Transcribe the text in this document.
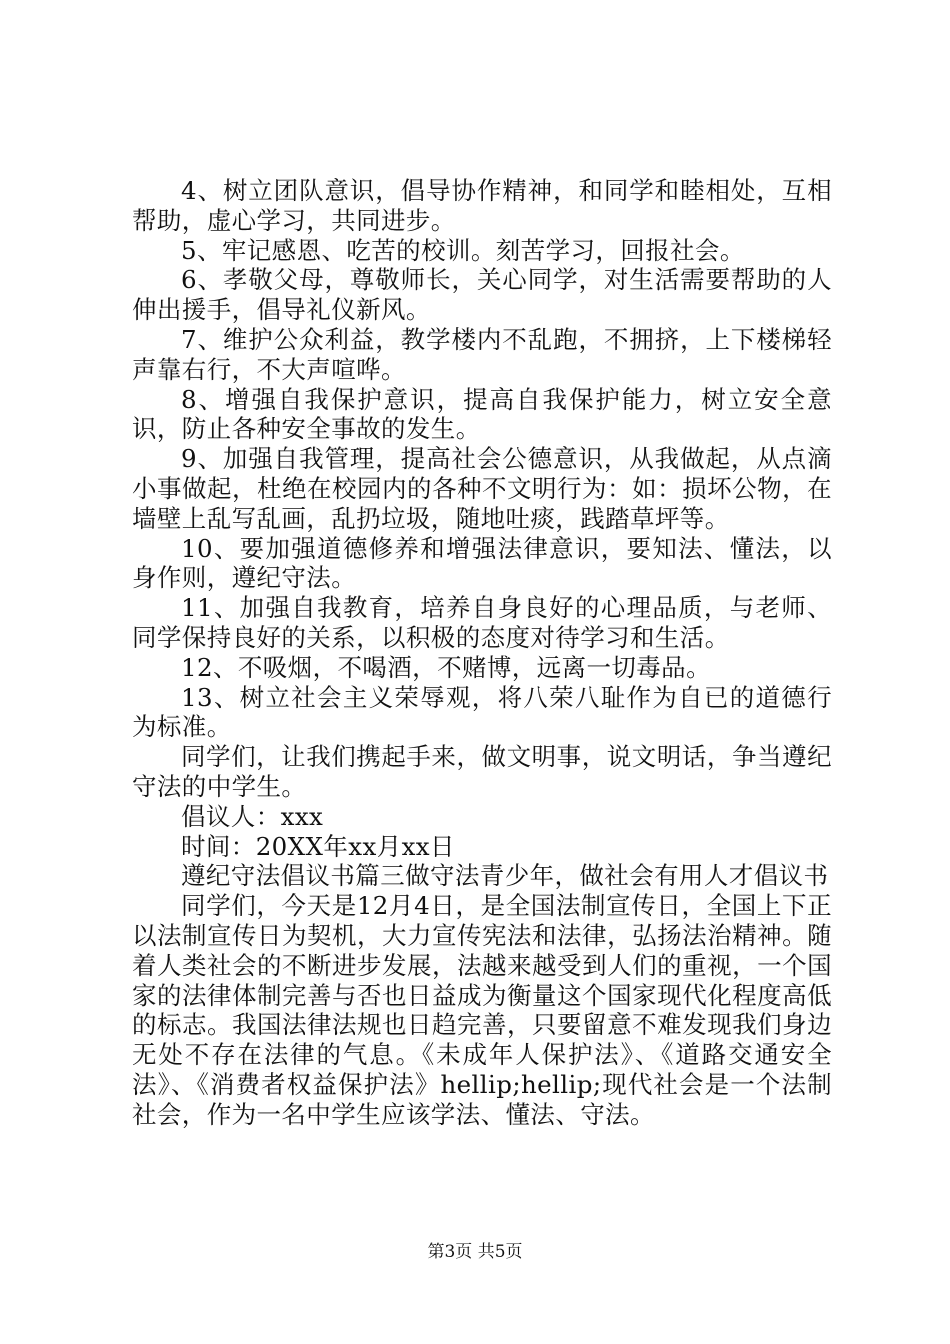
4、树立团队意识，倡导协作精神，和同学和睦相处，互相帮助，虚心学习，共同进步。

5、牢记感恩、吃苦的校训。刻苦学习，回报社会。

6、孝敬父母，尊敬师长，关心同学，对生活需要帮助的人伸出援手，倡导礼仪新风。

7、维护公众利益，教学楼内不乱跑，不拥挤，上下楼梯轻声靠右行，不大声喧哗。

8、增强自我保护意识，提高自我保护能力，树立安全意识，防止各种安全事故的发生。

9、加强自我管理，提高社会公德意识，从我做起，从点滴小事做起，杜绝在校园内的各种不文明行为：如：损坏公物，在墙壁上乱写乱画，乱扔垃圾，随地吐痰，践踏草坪等。

10、要加强道德修养和增强法律意识，要知法、懂法，以身作则，遵纪守法。

11、加强自我教育，培养自身良好的心理品质，与老师、同学保持良好的关系，以积极的态度对待学习和生活。

12、不吸烟，不喝酒，不赌博，远离一切毒品。

13、树立社会主义荣辱观，将八荣八耻作为自已的道德行为标准。

同学们，让我们携起手来，做文明事，说文明话，争当遵纪守法的中学生。

倡议人：xxx

时间：20XX年xx月xx日

遵纪守法倡议书篇三做守法青少年，做社会有用人才倡议书

同学们，今天是12月4日，是全国法制宣传日，全国上下正以法制宣传日为契机，大力宣传宪法和法律，弘扬法治精神。随着人类社会的不断进步发展，法越来越受到人们的重视，一个国家的法律体制完善与否也日益成为衡量这个国家现代化程度高低的标志。我国法律法规也日趋完善，只要留意不难发现我们身边无处不存在法律的气息。《未成年人保护法》、《道路交通安全法》、《消费者权益保护法》hellip;hellip;现代社会是一个法制社会，作为一名中学生应该学法、懂法、守法。

第3页 共5页
